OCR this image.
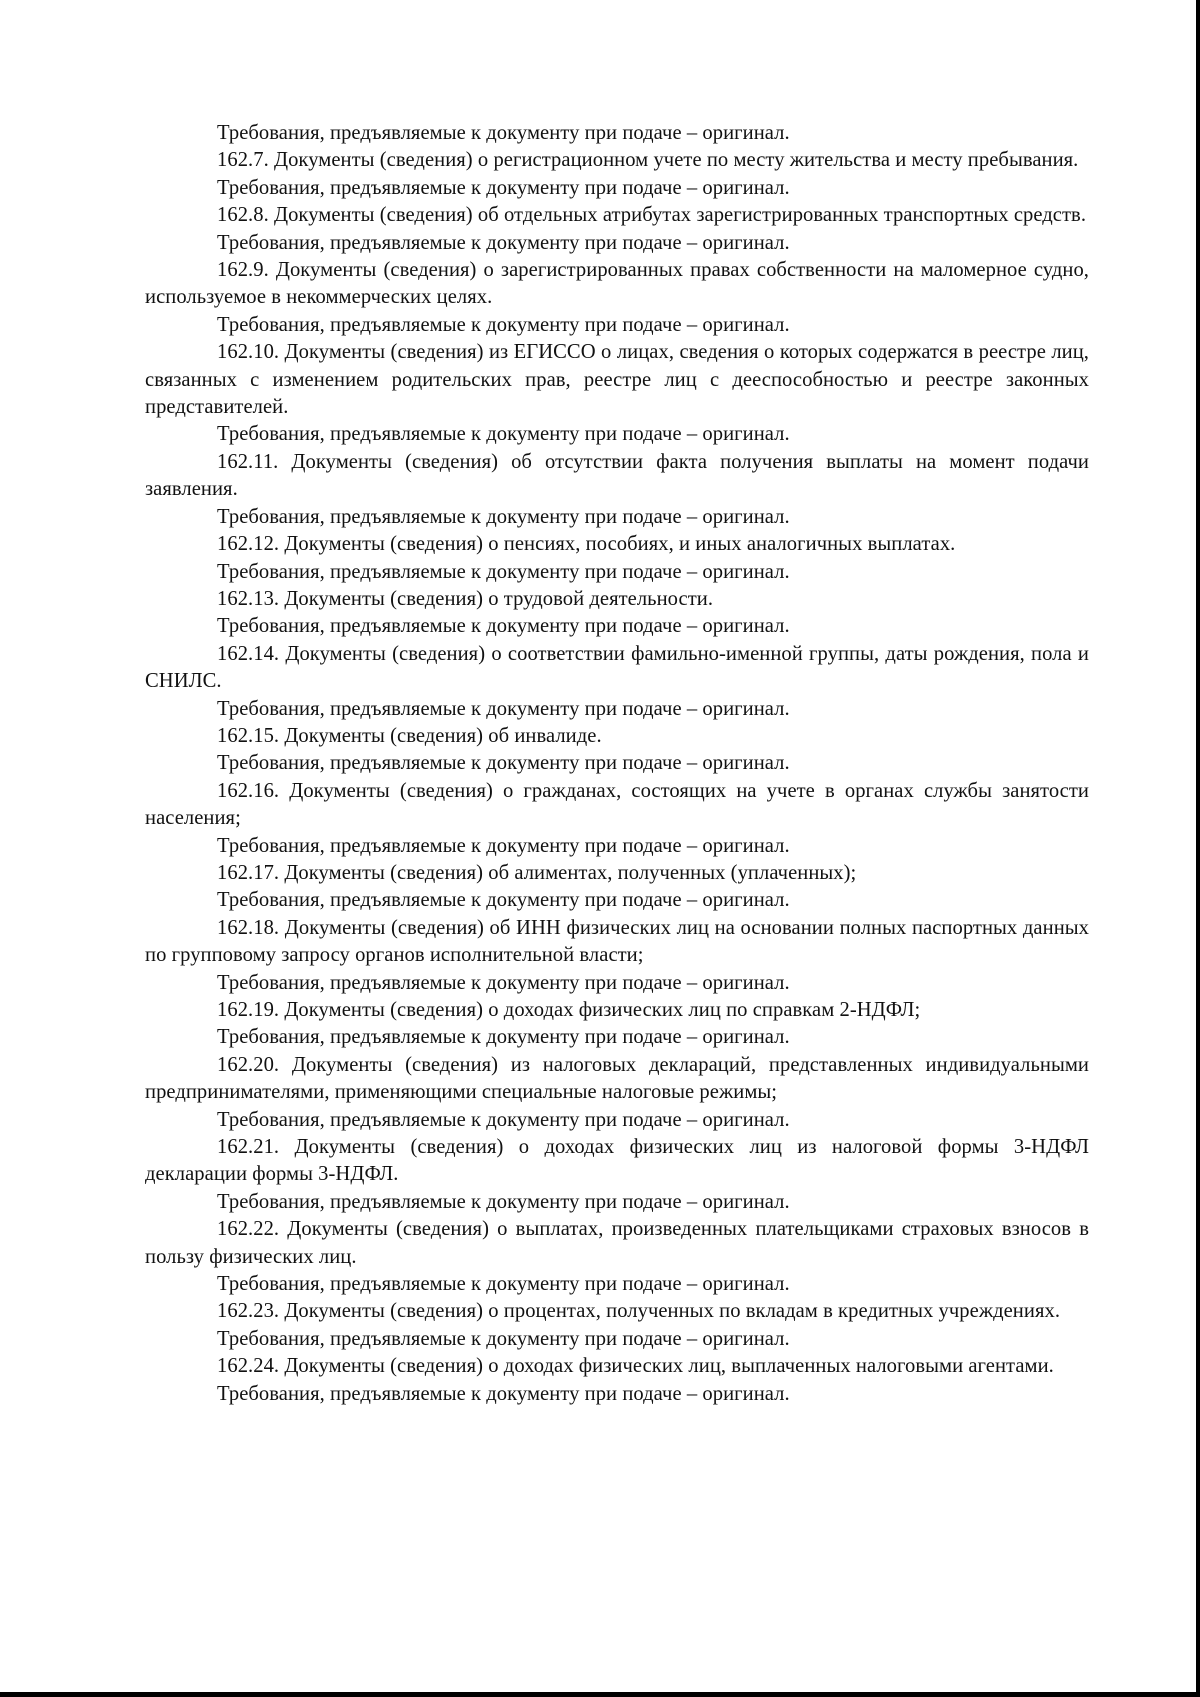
Требования, предъявляемые к документу при подаче – оригинал.

162.7. Документы (сведения) о регистрационном учете по месту жительства и месту пребывания.

Требования, предъявляемые к документу при подаче – оригинал.

162.8. Документы (сведения) об отдельных атрибутах зарегистрированных транспортных средств.

Требования, предъявляемые к документу при подаче – оригинал.

162.9. Документы (сведения) о зарегистрированных правах собственности на маломерное судно, используемое в некоммерческих целях.

Требования, предъявляемые к документу при подаче – оригинал.

162.10. Документы (сведения) из ЕГИССО о лицах, сведения о которых содержатся в реестре лиц, связанных с изменением родительских прав, реестре лиц с дееспособностью и реестре законных представителей.

Требования, предъявляемые к документу при подаче – оригинал.

162.11. Документы (сведения) об отсутствии факта получения выплаты на момент подачи заявления.

Требования, предъявляемые к документу при подаче – оригинал.

162.12. Документы (сведения) о пенсиях, пособиях, и иных аналогичных выплатах.

Требования, предъявляемые к документу при подаче – оригинал.

162.13. Документы (сведения) о трудовой деятельности.

Требования, предъявляемые к документу при подаче – оригинал.

162.14. Документы (сведения) о соответствии фамильно-именной группы, даты рождения, пола и СНИЛС.

Требования, предъявляемые к документу при подаче – оригинал.

162.15. Документы (сведения) об инвалиде.

Требования, предъявляемые к документу при подаче – оригинал.

162.16. Документы (сведения) о гражданах, состоящих на учете в органах службы занятости населения;

Требования, предъявляемые к документу при подаче – оригинал.

162.17. Документы (сведения) об алиментах, полученных (уплаченных);

Требования, предъявляемые к документу при подаче – оригинал.

162.18. Документы (сведения) об ИНН физических лиц на основании полных паспортных данных по групповому запросу органов исполнительной власти;

Требования, предъявляемые к документу при подаче – оригинал.

162.19. Документы (сведения) о доходах физических лиц по справкам 2-НДФЛ;

Требования, предъявляемые к документу при подаче – оригинал.

162.20. Документы (сведения) из налоговых деклараций, представленных индивидуальными предпринимателями, применяющими специальные налоговые режимы;

Требования, предъявляемые к документу при подаче – оригинал.

162.21. Документы (сведения) о доходах физических лиц из налоговой формы 3-НДФЛ декларации формы 3-НДФЛ.

Требования, предъявляемые к документу при подаче – оригинал.

162.22. Документы (сведения) о выплатах, произведенных плательщиками страховых взносов в пользу физических лиц.

Требования, предъявляемые к документу при подаче – оригинал.

162.23. Документы (сведения) о процентах, полученных по вкладам в кредитных учреждениях.

Требования, предъявляемые к документу при подаче – оригинал.

162.24. Документы (сведения) о доходах физических лиц, выплаченных налоговыми агентами.

Требования, предъявляемые к документу при подаче – оригинал.
